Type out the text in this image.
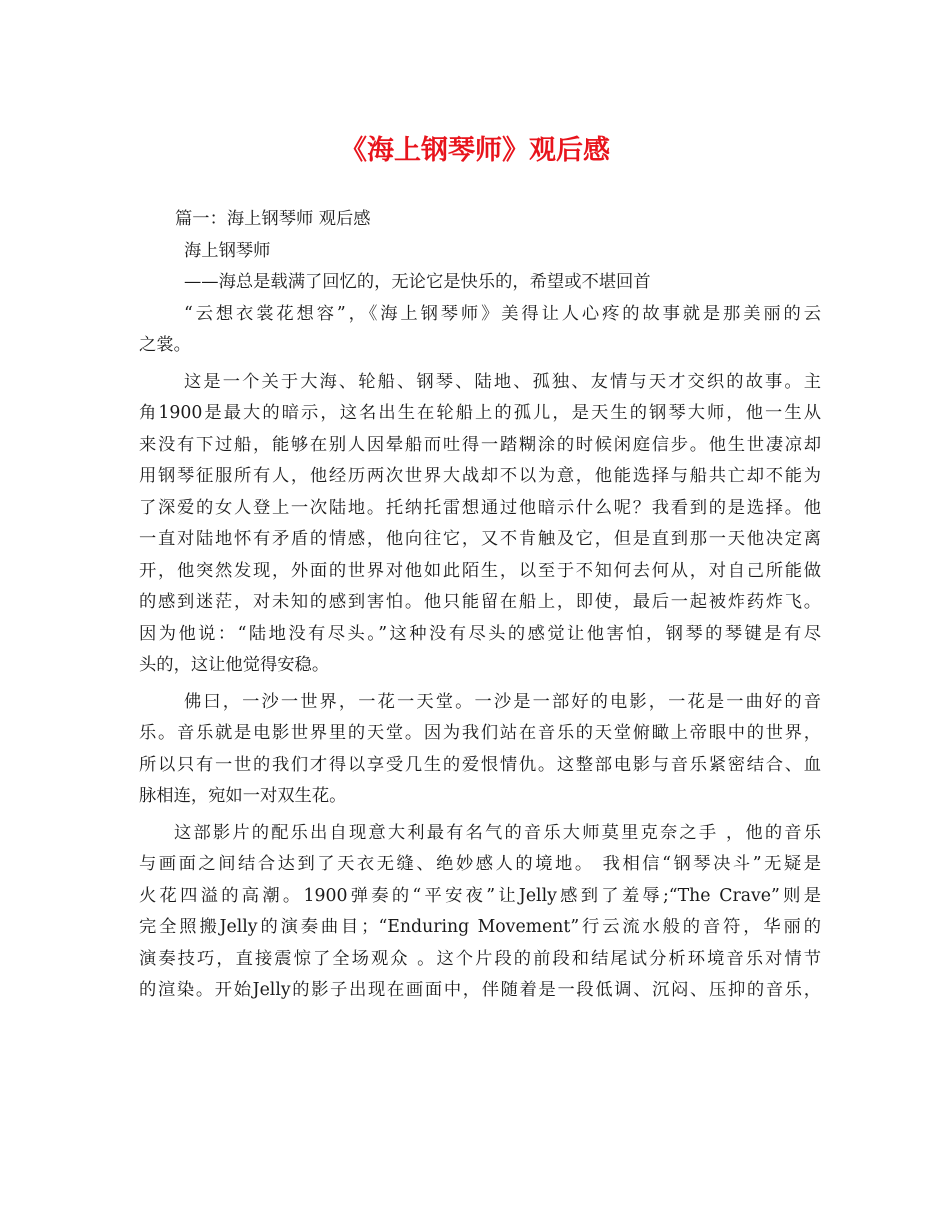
《海上钢琴师》观后感
篇一：海上钢琴师 观后感
海上钢琴师
——海总是载满了回忆的，无论它是快乐的，希望或不堪回首
“云想衣裳花想容”，《海上钢琴师》美得让人心疼的故事就是那美丽的云
之裳。
这是一个关于大海、轮船、钢琴、陆地、孤独、友情与天才交织的故事。主
角1900是最大的暗示，这名出生在轮船上的孤儿，是天生的钢琴大师，他一生从
来没有下过船，能够在别人因晕船而吐得一踏糊涂的时候闲庭信步。他生世凄凉却
用钢琴征服所有人，他经历两次世界大战却不以为意，他能选择与船共亡却不能为
了深爱的女人登上一次陆地。托纳托雷想通过他暗示什么呢？我看到的是选择。他
一直对陆地怀有矛盾的情感，他向往它，又不肯触及它，但是直到那一天他决定离
开，他突然发现，外面的世界对他如此陌生，以至于不知何去何从，对自己所能做
的感到迷茫，对未知的感到害怕。他只能留在船上，即使，最后一起被炸药炸飞。
因为他说：“陆地没有尽头。”这种没有尽头的感觉让他害怕，钢琴的琴键是有尽
头的，这让他觉得安稳。
佛曰，一沙一世界，一花一天堂。一沙是一部好的电影，一花是一曲好的音
乐。音乐就是电影世界里的天堂。因为我们站在音乐的天堂俯瞰上帝眼中的世界，
所以只有一世的我们才得以享受几生的爱恨情仇。这整部电影与音乐紧密结合、血
脉相连，宛如一对双生花。
这部影片的配乐出自现意大利最有名气的音乐大师莫里克奈之手 ，他的音乐
与画面之间结合达到了天衣无缝、绝妙感人的境地。 我相信“钢琴决斗”无疑是
火花四溢的高潮。1900弹奏的“平安夜”让Jelly感到了羞辱;“The Crave”则是
完全照搬Jelly的演奏曲目；“Enduring Movement”行云流水般的音符，华丽的
演奏技巧，直接震惊了全场观众 。这个片段的前段和结尾试分析环境音乐对情节
的渲染。开始Jelly的影子出现在画面中，伴随着是一段低调、沉闷、压抑的音乐，
